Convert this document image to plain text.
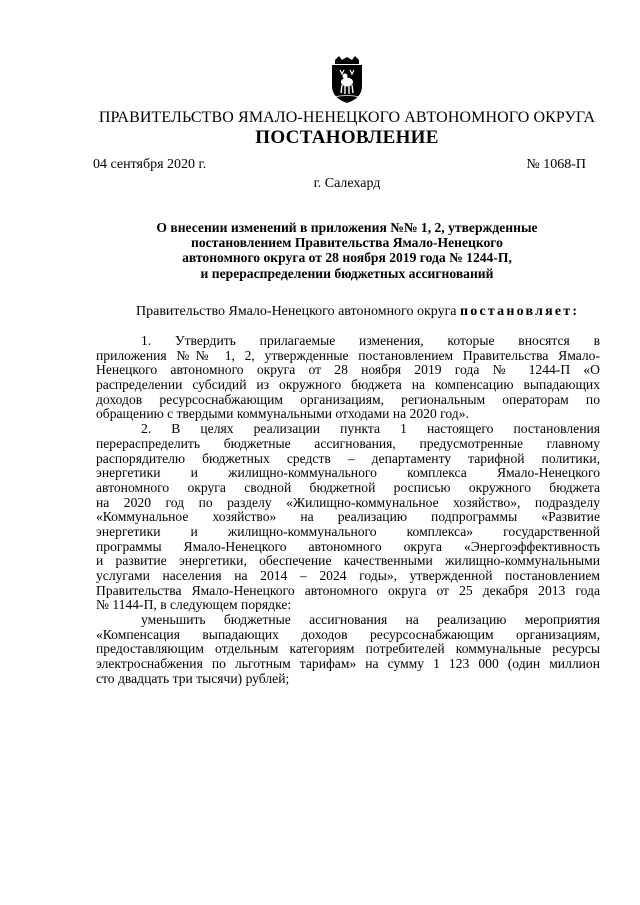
ПРАВИТЕЛЬСТВО ЯМАЛО-НЕНЕЦКОГО АВТОНОМНОГО ОКРУГА
ПОСТАНОВЛЕНИЕ
04 сентября 2020 г.	№ 1068-П
г. Салехард
О внесении изменений в приложения №№ 1, 2, утвержденные
постановлением Правительства Ямало-Ненецкого
автономного округа от 28 ноября 2019 года № 1244-П,
и перераспределении бюджетных ассигнований
Правительство Ямало-Ненецкого автономного округа постановляет:
1. Утвердить прилагаемые изменения, которые вносятся в
приложения №№ 1, 2, утвержденные постановлением Правительства Ямало-
Ненецкого автономного округа от 28 ноября 2019 года № 1244-П «О
распределении субсидий из окружного бюджета на компенсацию выпадающих
доходов ресурсоснабжающим организациям, региональным операторам по
обращению с твердыми коммунальными отходами на 2020 год».
2. В целях реализации пункта 1 настоящего постановления
перераспределить бюджетные ассигнования, предусмотренные главному
распорядителю бюджетных средств – департаменту тарифной политики,
энергетики и жилищно-коммунального комплекса Ямало-Ненецкого
автономного округа сводной бюджетной росписью окружного бюджета
на 2020 год по разделу «Жилищно-коммунальное хозяйство», подразделу
«Коммунальное хозяйство» на реализацию подпрограммы «Развитие
энергетики и жилищно-коммунального комплекса» государственной
программы Ямало-Ненецкого автономного округа «Энергоэффективность
и развитие энергетики, обеспечение качественными жилищно-коммунальными
услугами населения на 2014 – 2024 годы», утвержденной постановлением
Правительства Ямало-Ненецкого автономного округа от 25 декабря 2013 года
№ 1144-П, в следующем порядке:
уменьшить бюджетные ассигнования на реализацию мероприятия
«Компенсация выпадающих доходов ресурсоснабжающим организациям,
предоставляющим отдельным категориям потребителей коммунальные ресурсы
электроснабжения по льготным тарифам» на сумму 1 123 000 (один миллион
сто двадцать три тысячи) рублей;
